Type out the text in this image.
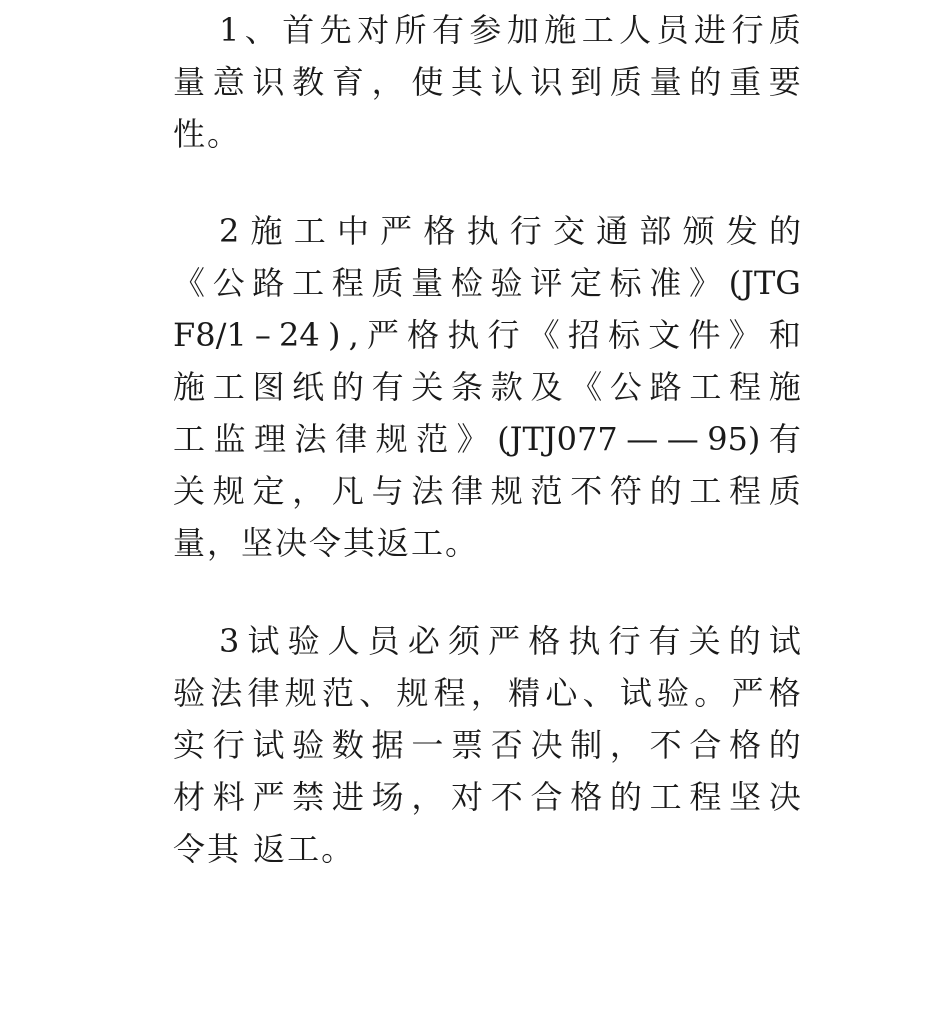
1 、 首 先 对 所 有 参 加 施 工 人 员 进 行 质
量 意 识 教 育 ， 使 其 认 识 到 质 量 的 重 要
性。
2 施 工 中 严 格 执 行 交 通 部 颁 发 的
《 公 路 工 程 质 量 检 验 评 定 标 准 》 (JTG
F8/1 – 24 ) , 严 格 执 行 《 招 标 文 件 》 和
施 工 图 纸 的 有 关 条 款 及 《 公 路 工 程 施
工 监 理 法 律 规 范 》 (JTJ077 — — 95) 有
关 规 定 ， 凡 与 法 律 规 范 不 符 的 工 程 质
量，坚决令其返工。
3 试 验 人 员 必 须 严 格 执 行 有 关 的 试
验 法 律 规 范 、 规 程 ， 精 心 、 试 验 。 严 格
实 行 试 验 数 据 一 票 否 决 制 ， 不 合 格 的
材 料 严 禁 进 场 ， 对 不 合 格 的 工 程 坚 决
令其 返工。
